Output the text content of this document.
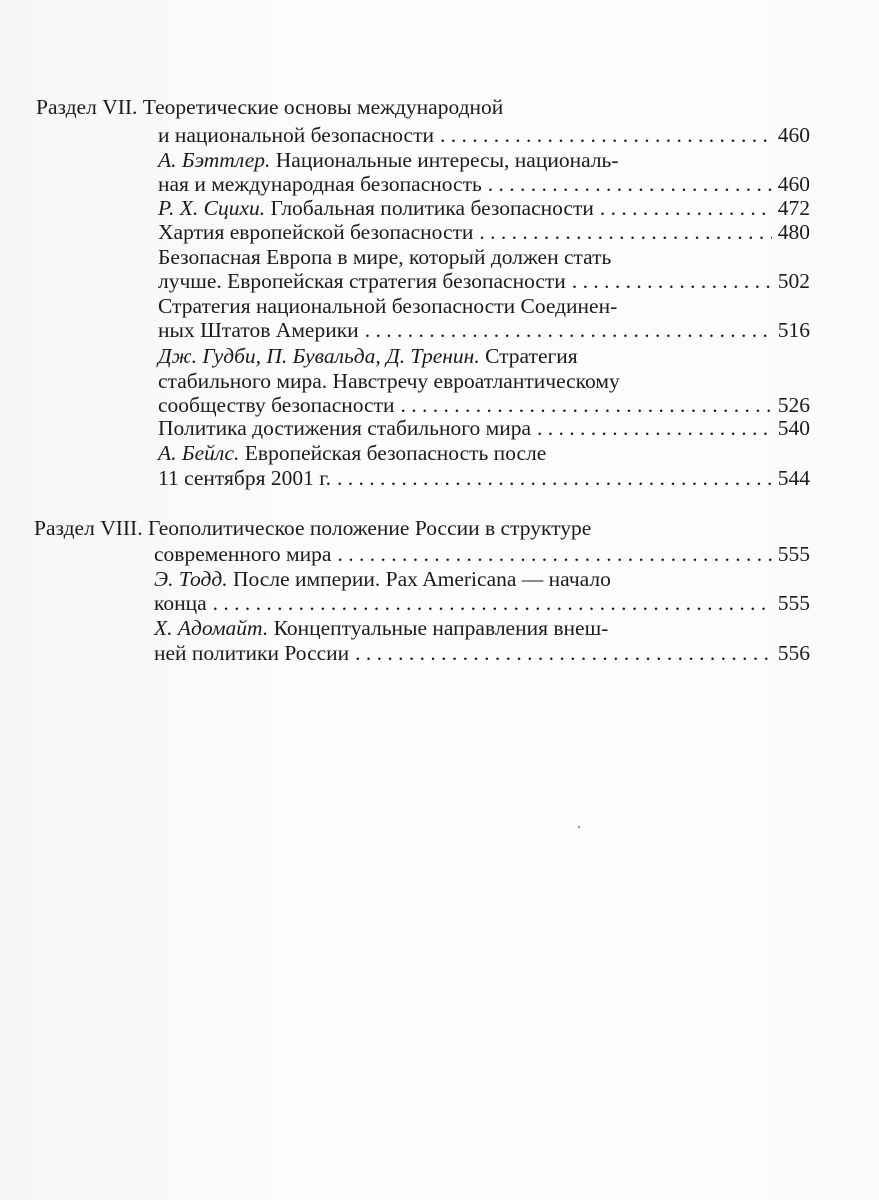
Раздел VII. Теоретические основы международной
и национальной безопасности . . .	460
А. Бэттлер. Национальные интересы, националь-
ная и международная безопасность . . .	460
Р. Х. Сцихи. Глобальная политика безопасности . . .	472
Хартия европейской безопасности . . .	480
Безопасная Европа в мире, который должен стать
лучше. Европейская стратегия безопасности . . .	502
Стратегия национальной безопасности Соединен-
ных Штатов Америки . . .	516
Дж. Гудби, П. Бувальда, Д. Тренин. Стратегия
стабильного мира. Навстречу евроатлантическому
сообществу безопасности . . .	526
Политика достижения стабильного мира . . .	540
А. Бейлс. Европейская безопасность после
11 сентября 2001 г. . . .	544
Раздел VIII. Геополитическое положение России в структуре
современного мира . . .	555
Э. Тодд. После империи. Pax Americana — начало
конца . . .	555
Х. Адомайт. Концептуальные направления внеш-
ней политики России . . .	556
